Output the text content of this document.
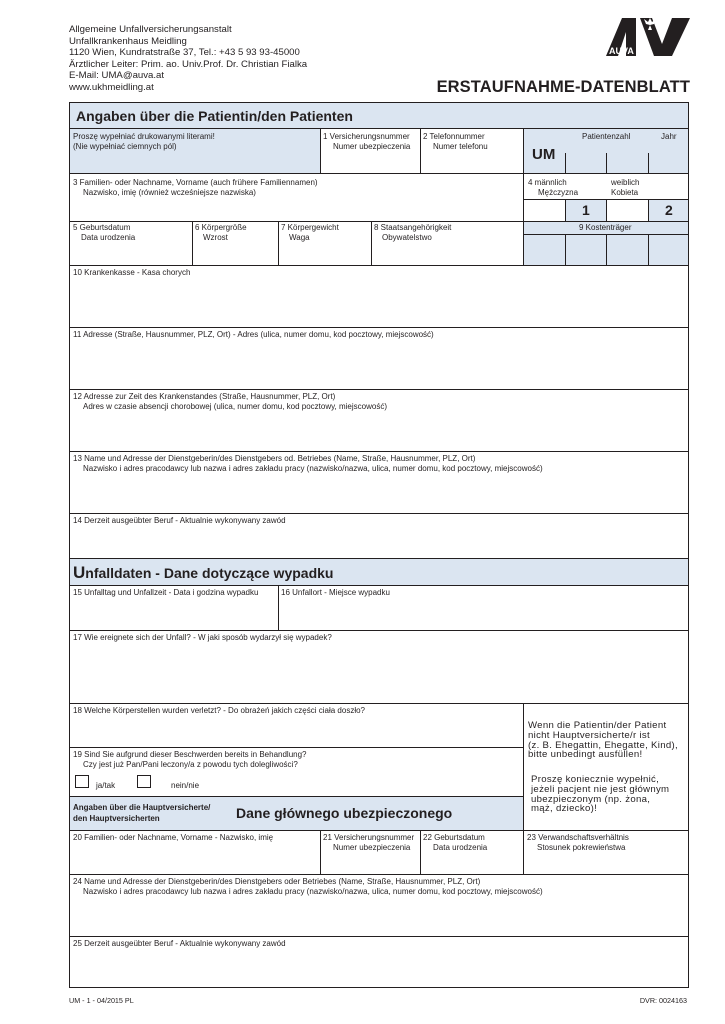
Allgemeine Unfallversicherungsanstalt
Unfallkrankenhaus Meidling
1120 Wien, Kundratstraße 37, Tel.: +43 5 93 93-45000
Ärztlicher Leiter: Prim. ao. Univ.Prof. Dr. Christian Fialka
E-Mail: UMA@auva.at
www.ukhmeidling.at
AUVA
ERSTAUFNAHME-DATENBLATT
Angaben über die Patientin/den Patienten
Proszę wypełniać drukowanymi literami!
(Nie wypełniać ciemnych pól)
1 Versicherungsnummer
Numer ubezpieczenia
2 Telefonnummer
Numer telefonu	UM
Patientenzahl	Jahr
3 Familien- oder Nachname, Vorname (auch frühere Familiennamen)
Nazwisko, imię (również wcześniejsze nazwiska)
4 männlich
Mężczyzna
weiblich
Kobieta
1	2
5 Geburtsdatum
Data urodzenia
6 Körpergröße
Wzrost
7 Körpergewicht
Waga
8 Staatsangehörigkeit
Obywatelstwo
9 Kostenträger
10 Krankenkasse - Kasa chorych
11 Adresse (Straße, Hausnummer, PLZ, Ort) - Adres (ulica, numer domu, kod pocztowy, miejscowość)
12 Adresse zur Zeit des Krankenstandes (Straße, Hausnummer, PLZ, Ort)
Adres w czasie absencji chorobowej (ulica, numer domu, kod pocztowy, miejscowość)
13 Name und Adresse der Dienstgeberin/des Dienstgebers od. Betriebes (Name, Straße, Hausnummer, PLZ, Ort)
Nazwisko i adres pracodawcy lub nazwa i adres zakładu pracy (nazwisko/nazwa, ulica, numer domu, kod pocztowy, miejscowość)
14 Derzeit ausgeübter Beruf - Aktualnie wykonywany zawód
Unfalldaten - Dane dotyczące wypadku
15 Unfalltag und Unfallzeit - Data i godzina wypadku	16 Unfallort - Miejsce wypadku
17 Wie ereignete sich der Unfall? - W jaki sposób wydarzył się wypadek?
18 Welche Körperstellen wurden verletzt? - Do obrażeń jakich części ciała doszło?
19 Sind Sie aufgrund dieser Beschwerden bereits in Behandlung?
Czy jest już Pan/Pani leczony/a z powodu tych dolegliwości?
ja/tak	nein/nie
Wenn die Patientin/der Patient
nicht Hauptversicherte/r ist
(z. B. Ehegattin, Ehegatte, Kind),
bitte unbedingt ausfüllen!
Proszę koniecznie wypełnić,
jeżeli pacjent nie jest głównym
ubezpieczonym (np. żona,
mąż, dziecko)!
Angaben über die Hauptversicherte/
den Hauptversicherten	Dane głównego ubezpieczonego
20 Familien- oder Nachname, Vorname - Nazwisko, imię	21 Versicherungsnummer
Numer ubezpieczenia
22 Geburtsdatum
Data urodzenia
23 Verwandschaftsverhältnis
Stosunek pokrewieństwa
24 Name und Adresse der Dienstgeberin/des Dienstgebers oder Betriebes (Name, Straße, Hausnummer, PLZ, Ort)
Nazwisko i adres pracodawcy lub nazwa i adres zakładu pracy (nazwisko/nazwa, ulica, numer domu, kod pocztowy, miejscowość)
25 Derzeit ausgeübter Beruf - Aktualnie wykonywany zawód
UM - 1 - 04/2015 PL	DVR: 0024163
